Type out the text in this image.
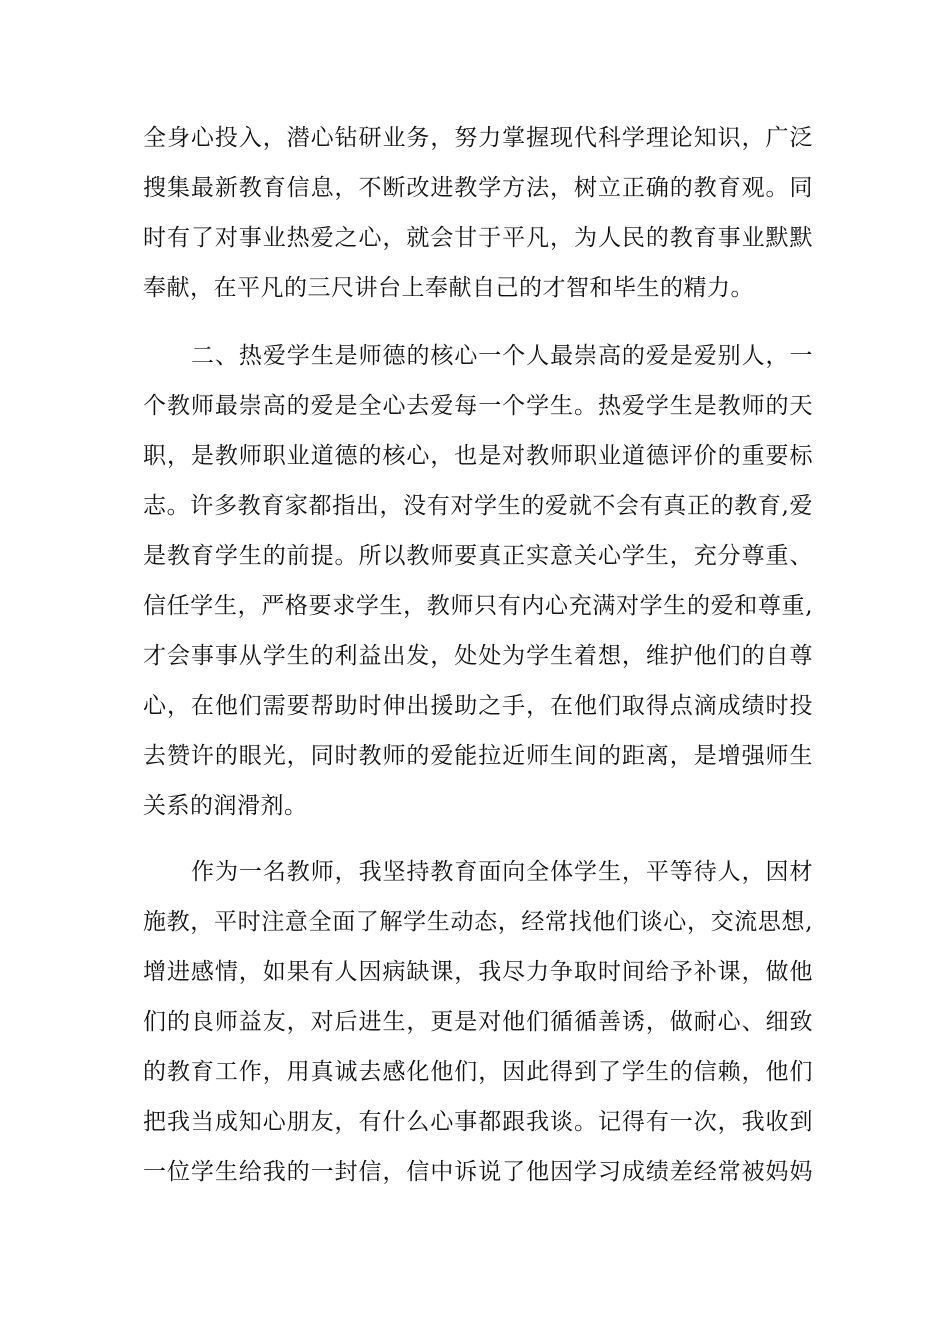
全身心投入，潜心钻研业务，努力掌握现代科学理论知识，广泛
搜集最新教育信息，不断改进教学方法，树立正确的教育观。同
时有了对事业热爱之心，就会甘于平凡，为人民的教育事业默默
奉献，在平凡的三尺讲台上奉献自己的才智和毕生的精力。
二、热爱学生是师德的核心一个人最崇高的爱是爱别人，一
个教师最崇高的爱是全心去爱每一个学生。热爱学生是教师的天
职，是教师职业道德的核心，也是对教师职业道德评价的重要标
志。许多教育家都指出，没有对学生的爱就不会有真正的教育,爱
是教育学生的前提。所以教师要真正实意关心学生，充分尊重、
信任学生，严格要求学生，教师只有内心充满对学生的爱和尊重,
才会事事从学生的利益出发，处处为学生着想，维护他们的自尊
心，在他们需要帮助时伸出援助之手，在他们取得点滴成绩时投
去赞许的眼光，同时教师的爱能拉近师生间的距离，是增强师生
关系的润滑剂。
作为一名教师，我坚持教育面向全体学生，平等待人，因材
施教，平时注意全面了解学生动态，经常找他们谈心，交流思想,
增进感情，如果有人因病缺课，我尽力争取时间给予补课，做他
们的良师益友，对后进生，更是对他们循循善诱，做耐心、细致
的教育工作，用真诚去感化他们，因此得到了学生的信赖，他们
把我当成知心朋友，有什么心事都跟我谈。记得有一次，我收到
一位学生给我的一封信，信中诉说了他因学习成绩差经常被妈妈
